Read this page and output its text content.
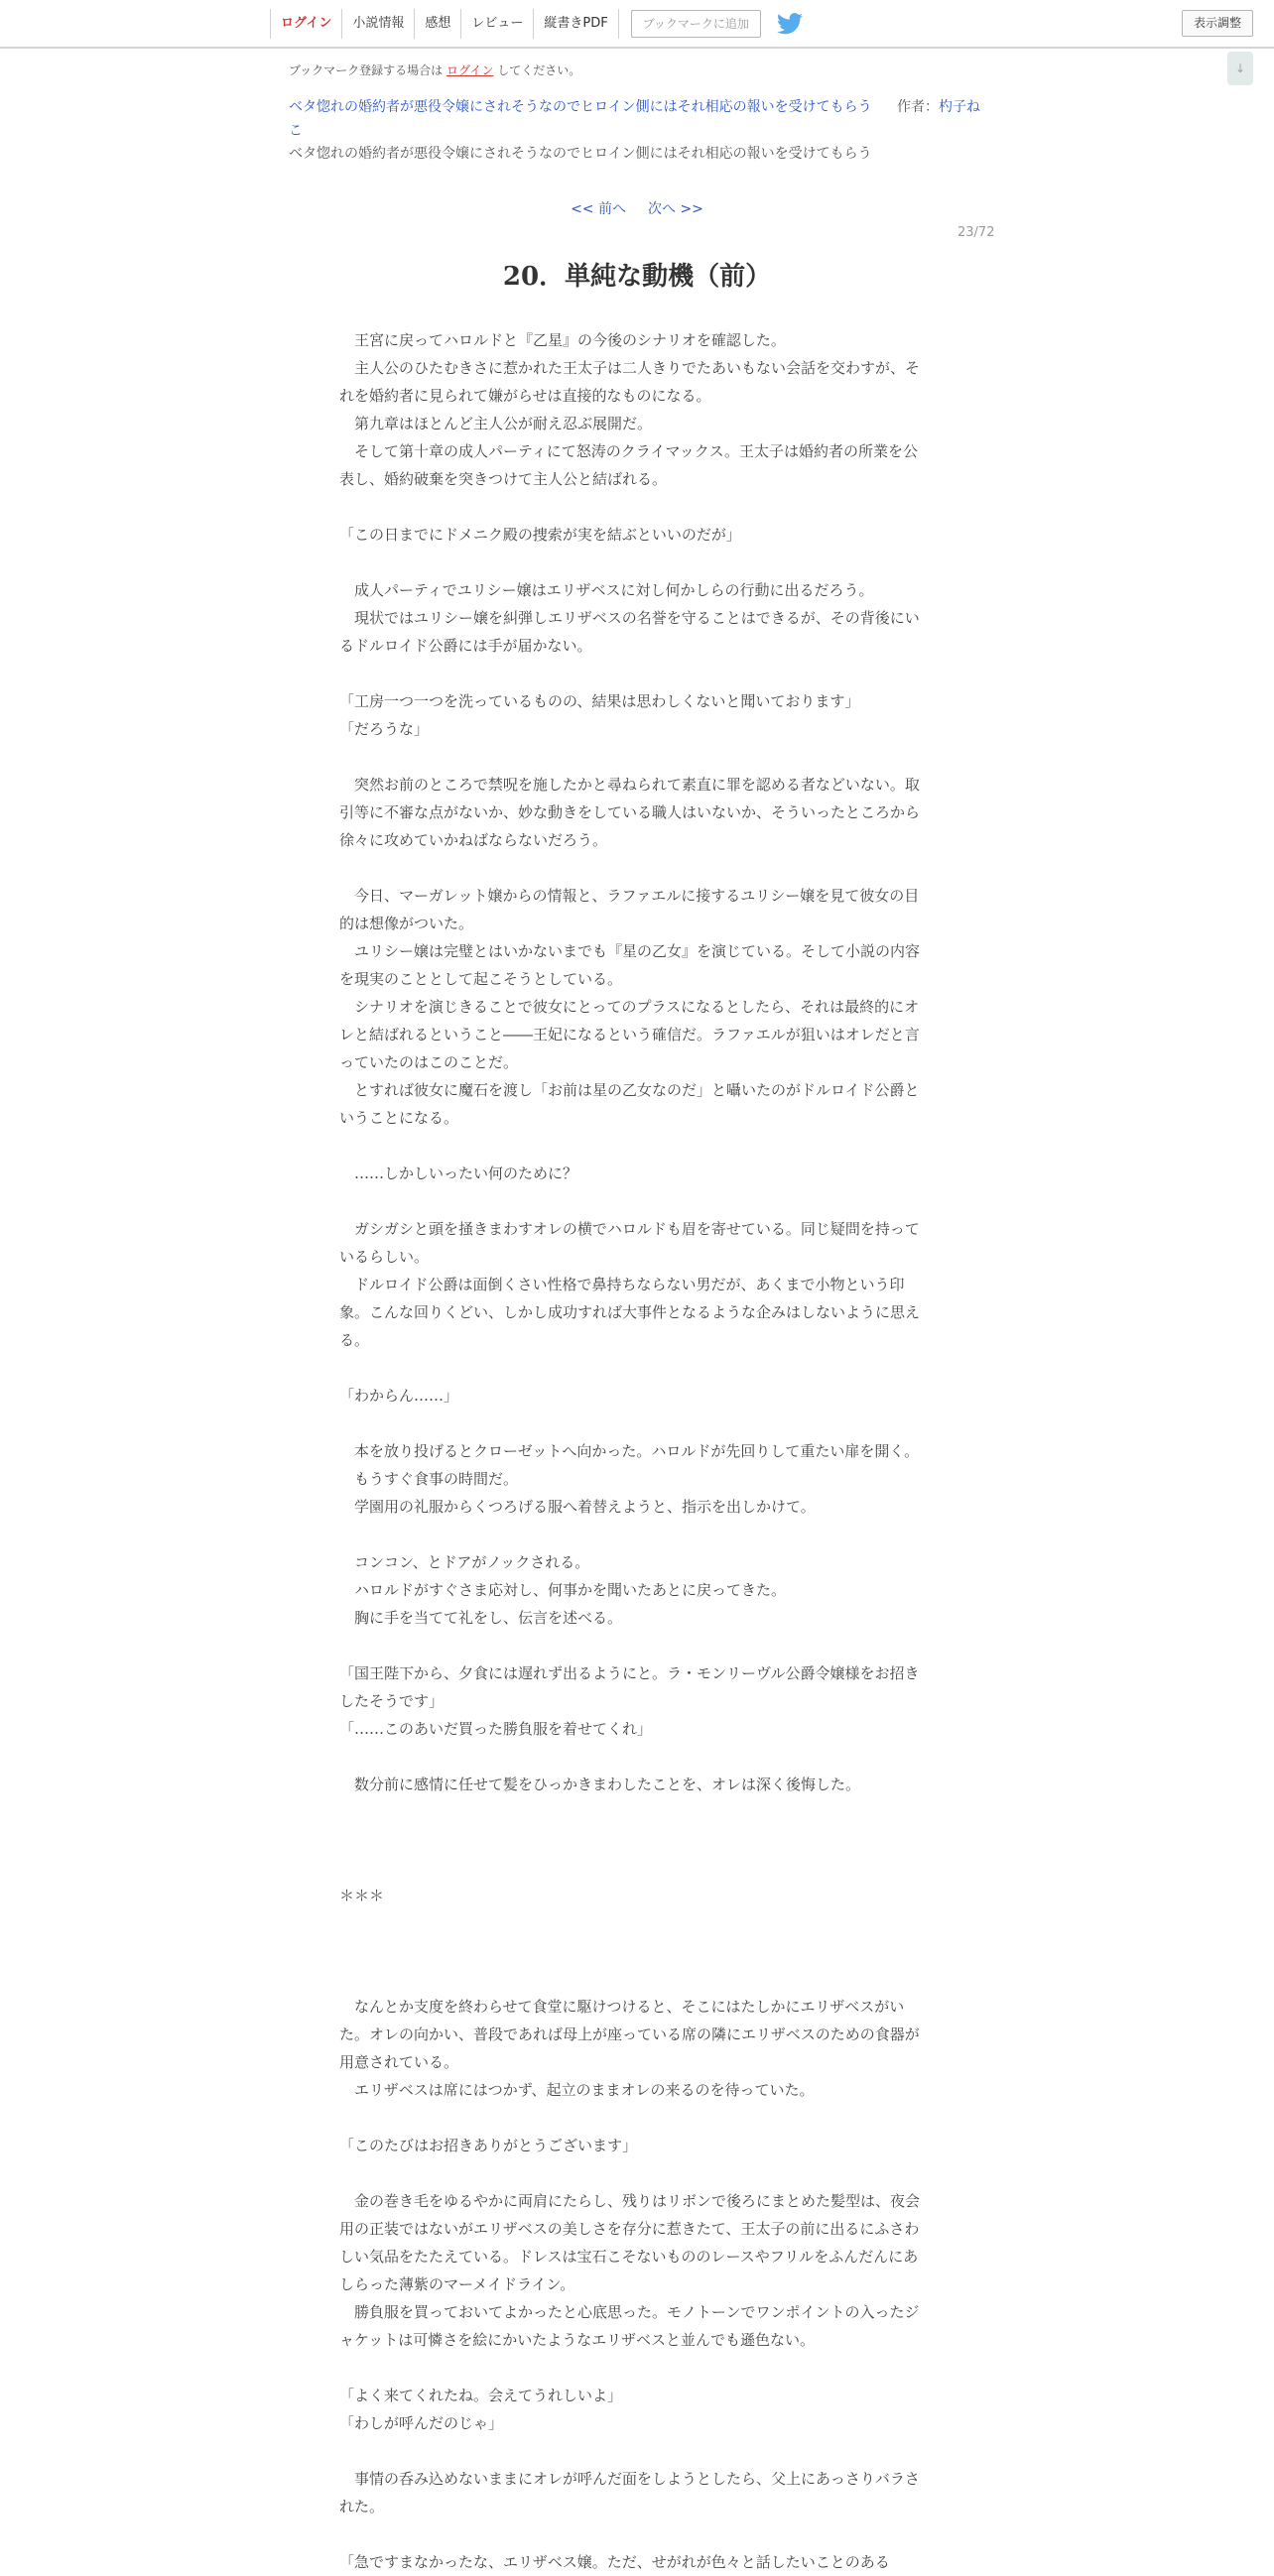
ログイン	小説情報	感想	レビュー	縦書きPDF	ブックマークに追加	表示調整
↓
ブックマーク登録する場合は ログイン してください。
ベタ惚れの婚約者が悪役令嬢にされそうなのでヒロイン側にはそれ相応の報いを受けてもらう	作者：杓子ね
こ
ベタ惚れの婚約者が悪役令嬢にされそうなのでヒロイン側にはそれ相応の報いを受けてもらう
<< 前へ 次へ >>
23/72
20．単純な動機（前）

　王宮に戻ってハロルドと『乙星』の今後のシナリオを確認した。

　主人公のひたむきさに惹かれた王太子は二人きりでたあいもない会話を交わすが、それを婚約者に見られて嫌がらせは直接的なものになる。

　第九章はほとんど主人公が耐え忍ぶ展開だ。

　そして第十章の成人パーティにて怒涛のクライマックス。王太子は婚約者の所業を公表し、婚約破棄を突きつけて主人公と結ばれる。

「この日までにドメニク殿の捜索が実を結ぶといいのだが」

　成人パーティでユリシー嬢はエリザベスに対し何かしらの行動に出るだろう。

　現状ではユリシー嬢を糾弾しエリザベスの名誉を守ることはできるが、その背後にいるドルロイド公爵には手が届かない。

「工房一つ一つを洗っているものの、結果は思わしくないと聞いております」

「だろうな」

　突然お前のところで禁呪を施したかと尋ねられて素直に罪を認める者などいない。取引等に不審な点がないか、妙な動きをしている職人はいないか、そういったところから徐々に攻めていかねばならないだろう。

　今日、マーガレット嬢からの情報と、ラファエルに接するユリシー嬢を見て彼女の目的は想像がついた。

　ユリシー嬢は完璧とはいかないまでも『星の乙女』を演じている。そして小説の内容を現実のこととして起こそうとしている。

　シナリオを演じきることで彼女にとってのプラスになるとしたら、それは最終的にオレと結ばれるということ――王妃になるという確信だ。ラファエルが狙いはオレだと言っていたのはこのことだ。

　とすれば彼女に魔石を渡し「お前は星の乙女なのだ」と囁いたのがドルロイド公爵ということになる。

　……しかしいったい何のために？

　ガシガシと頭を掻きまわすオレの横でハロルドも眉を寄せている。同じ疑問を持っているらしい。

　ドルロイド公爵は面倒くさい性格で鼻持ちならない男だが、あくまで小物という印象。こんな回りくどい、しかし成功すれば大事件となるような企みはしないように思える。

「わからん……」

　本を放り投げるとクローゼットへ向かった。ハロルドが先回りして重たい扉を開く。

　もうすぐ食事の時間だ。

　学園用の礼服からくつろげる服へ着替えようと、指示を出しかけて。

　コンコン、とドアがノックされる。

　ハロルドがすぐさま応対し、何事かを聞いたあとに戻ってきた。

　胸に手を当てて礼をし、伝言を述べる。

「国王陛下から、夕食には遅れず出るようにと。ラ・モンリーヴル公爵令嬢様をお招きしたそうです」

「……このあいだ買った勝負服を着せてくれ」

　数分前に感情に任せて髪をひっかきまわしたことを、オレは深く後悔した。

＊＊＊

　なんとか支度を終わらせて食堂に駆けつけると、そこにはたしかにエリザベスがいた。オレの向かい、普段であれば母上が座っている席の隣にエリザベスのための食器が用意されている。

　エリザベスは席にはつかず、起立のままオレの来るのを待っていた。

「このたびはお招きありがとうございます」

　金の巻き毛をゆるやかに両肩にたらし、残りはリボンで後ろにまとめた髪型は、夜会用の正装ではないがエリザベスの美しさを存分に惹きたて、王太子の前に出るにふさわしい気品をたたえている。ドレスは宝石こそないもののレースやフリルをふんだんにあしらった薄紫のマーメイドライン。

　勝負服を買っておいてよかったと心底思った。モノトーンでワンポイントの入ったジャケットは可憐さを絵にかいたようなエリザベスと並んでも遜色ない。

「よく来てくれたね。会えてうれしいよ」

「わしが呼んだのじゃ」

　事情の呑み込めないままにオレが呼んだ面をしようとしたら、父上にあっさりバラされた。

「急ですまなかったな、エリザベス嬢。ただ、せがれが色々と話したいことのある
